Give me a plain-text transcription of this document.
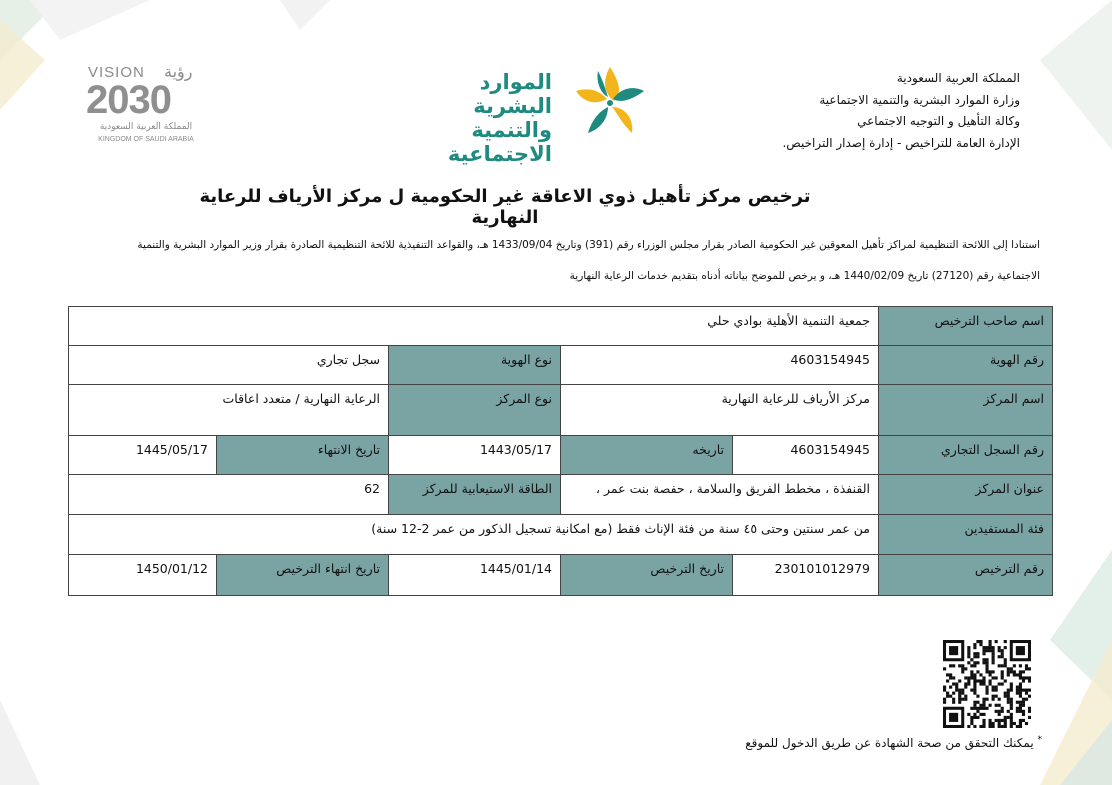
المملكة العربية السعودية
وزارة الموارد البشرية والتنمية الاجتماعية
وكالة التأهيل و التوجيه الاجتماعي
الإدارة العامة للتراخيص - إدارة إصدار التراخيص.
الموارد البشرية
والتنمية الاجتماعية
VISION رؤية
2030
المملكة العربية السعودية
KINGDOM OF SAUDI ARABIA
ترخيص مركز تأهيل ذوي الاعاقة غير الحكومية ل مركز الأرياف للرعاية النهارية
استنادا إلى اللائحة التنظيمية لمراكز تأهيل المعوقين غير الحكومية الصادر بقرار مجلس الوزراء رقم (391) وتاريخ 1433/09/04 هـ، والقواعد التنفيذية للائحة التنظيمية الصادرة بقرار وزير الموارد البشرية والتنمية
الاجتماعية رقم (27120) تاريخ 1440/02/09 هـ، و يرخص للموضح بياناته أدناه بتقديم خدمات الرعاية النهارية
اسم صاحب الترخيص
جمعية التنمية الأهلية بوادي حلي
رقم الهوية
4603154945
نوع الهوية
سجل تجاري
اسم المركز
مركز الأرياف للرعاية النهارية
نوع المركز
الرعاية النهارية / متعدد اعاقات
رقم السجل التجاري
4603154945
تاريخه
1443/05/17
تاريخ الانتهاء
1445/05/17
عنوان المركز
القنفذة ، مخطط الفريق والسلامة ، حفصة بنت عمر ،
الطاقة الاستيعابية للمركز
62
فئة المستفيدين
من عمر سنتين وحتى ٤٥ سنة من فئة الإناث فقط (مع امكانية تسجيل الذكور من عمر 2-12 سنة)
رقم الترخيص
230101012979
تاريخ الترخيص
1445/01/14
تاريخ انتهاء الترخيص
1450/01/12
* يمكنك التحقق من صحة الشهادة عن طريق الدخول للموقع
